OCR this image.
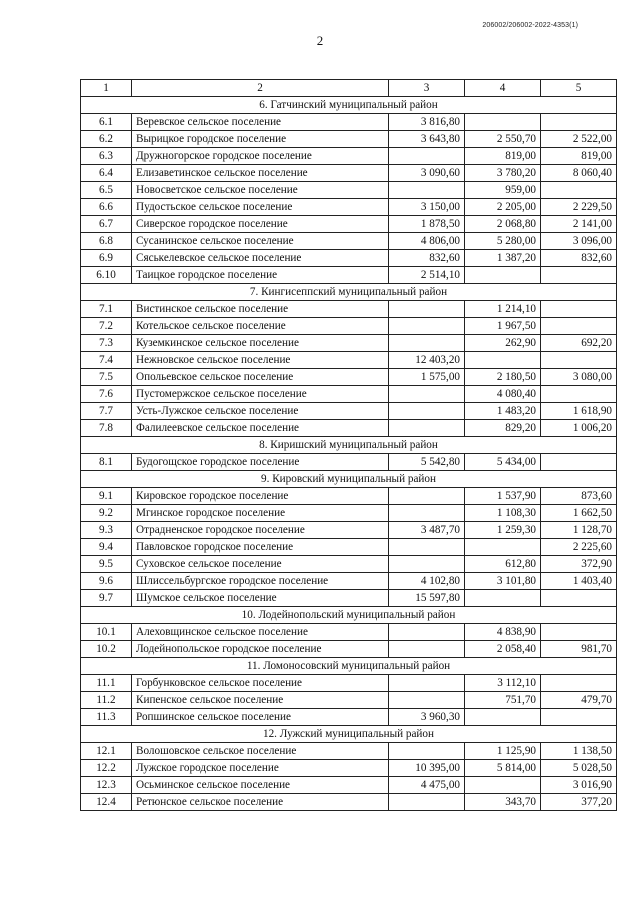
206002/206002-2022-4353(1)
2
1	2	3	4	5
6. Гатчинский муниципальный район				
6.1	Веревское сельское поселение	3 816,80		
6.2	Вырицкое городское поселение	3 643,80	2 550,70	2 522,00
6.3	Дружногорское городское поселение		819,00	819,00
6.4	Елизаветинское сельское поселение	3 090,60	3 780,20	8 060,40
6.5	Новосветское сельское поселение		959,00	
6.6	Пудостьское сельское поселение	3 150,00	2 205,00	2 229,50
6.7	Сиверское городское поселение	1 878,50	2 068,80	2 141,00
6.8	Сусанинское сельское поселение	4 806,00	5 280,00	3 096,00
6.9	Сяськелевское сельское поселение	832,60	1 387,20	832,60
6.10	Таицкое городское поселение	2 514,10		
7. Кингисеппский муниципальный район				
7.1	Вистинское сельское поселение		1 214,10	
7.2	Котельское сельское поселение		1 967,50	
7.3	Куземкинское сельское поселение		262,90	692,20
7.4	Нежновское сельское поселение	12 403,20		
7.5	Опольевское сельское поселение	1 575,00	2 180,50	3 080,00
7.6	Пустомержское сельское поселение		4 080,40	
7.7	Усть-Лужское сельское поселение		1 483,20	1 618,90
7.8	Фалилеевское сельское поселение		829,20	1 006,20
8. Киришский муниципальный район				
8.1	Будогощское городское поселение	5 542,80	5 434,00	
9. Кировский муниципальный район				
9.1	Кировское городское поселение		1 537,90	873,60
9.2	Мгинское городское поселение		1 108,30	1 662,50
9.3	Отрадненское городское поселение	3 487,70	1 259,30	1 128,70
9.4	Павловское городское поселение			2 225,60
9.5	Суховское сельское поселение		612,80	372,90
9.6	Шлиссельбургское городское поселение	4 102,80	3 101,80	1 403,40
9.7	Шумское сельское поселение	15 597,80		
10. Лодейнопольский муниципальный район				
10.1	Алеховщинское сельское поселение		4 838,90	
10.2	Лодейнопольское городское поселение		2 058,40	981,70
11. Ломоносовский муниципальный район				
11.1	Горбунковское сельское поселение		3 112,10	
11.2	Кипенское сельское поселение		751,70	479,70
11.3	Ропшинское сельское поселение	3 960,30		
12. Лужский муниципальный район				
12.1	Волошовское сельское поселение		1 125,90	1 138,50
12.2	Лужское городское поселение	10 395,00	5 814,00	5 028,50
12.3	Осьминское сельское поселение	4 475,00		3 016,90
12.4	Ретюнское сельское поселение		343,70	377,20
